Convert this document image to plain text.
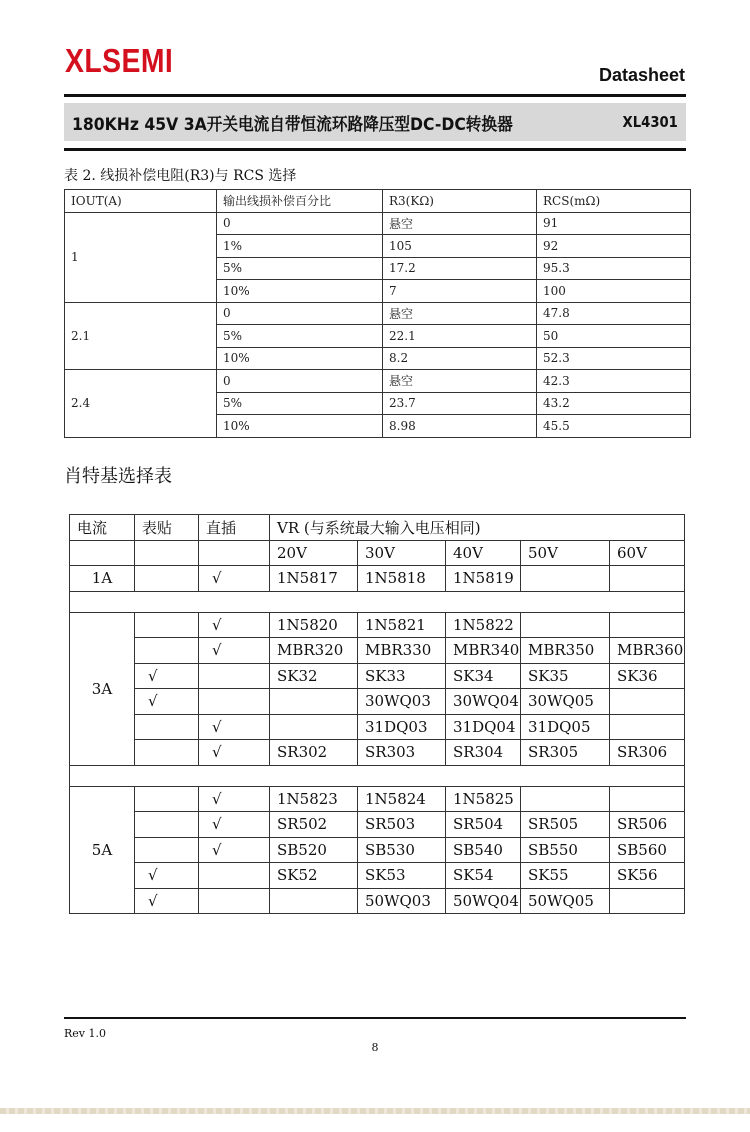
XLSEMI	Datasheet
180KHz 45V 3A开关电流自带恒流环路降压型DC-DC转换器	XL4301
表 2. 线损补偿电阻(R3)与 RCS 选择
IOUT(A)	输出线损补偿百分比	R3(KΩ)	RCS(mΩ)
1	0	悬空	91
	1%	105	92
	5%	17.2	95.3
	10%	7	100
2.1	0	悬空	47.8
	5%	22.1	50
	10%	8.2	52.3
2.4	0	悬空	42.3
	5%	23.7	43.2
	10%	8.98	45.5
肖特基选择表
电流	表贴	直插	VR (与系统最大输入电压相同)				
			20V	30V	40V	50V	60V
1A		√	1N5817	1N5818	1N5819		

3A		√	1N5820	1N5821	1N5822		
		√	MBR320	MBR330	MBR340	MBR350	MBR360
	√		SK32	SK33	SK34	SK35	SK36
	√			30WQ03	30WQ04	30WQ05	
		√		31DQ03	31DQ04	31DQ05	
		√	SR302	SR303	SR304	SR305	SR306

5A		√	1N5823	1N5824	1N5825		
		√	SR502	SR503	SR504	SR505	SR506
		√	SB520	SB530	SB540	SB550	SB560
	√		SK52	SK53	SK54	SK55	SK56
	√			50WQ03	50WQ04	50WQ05	
Rev 1.0
8
